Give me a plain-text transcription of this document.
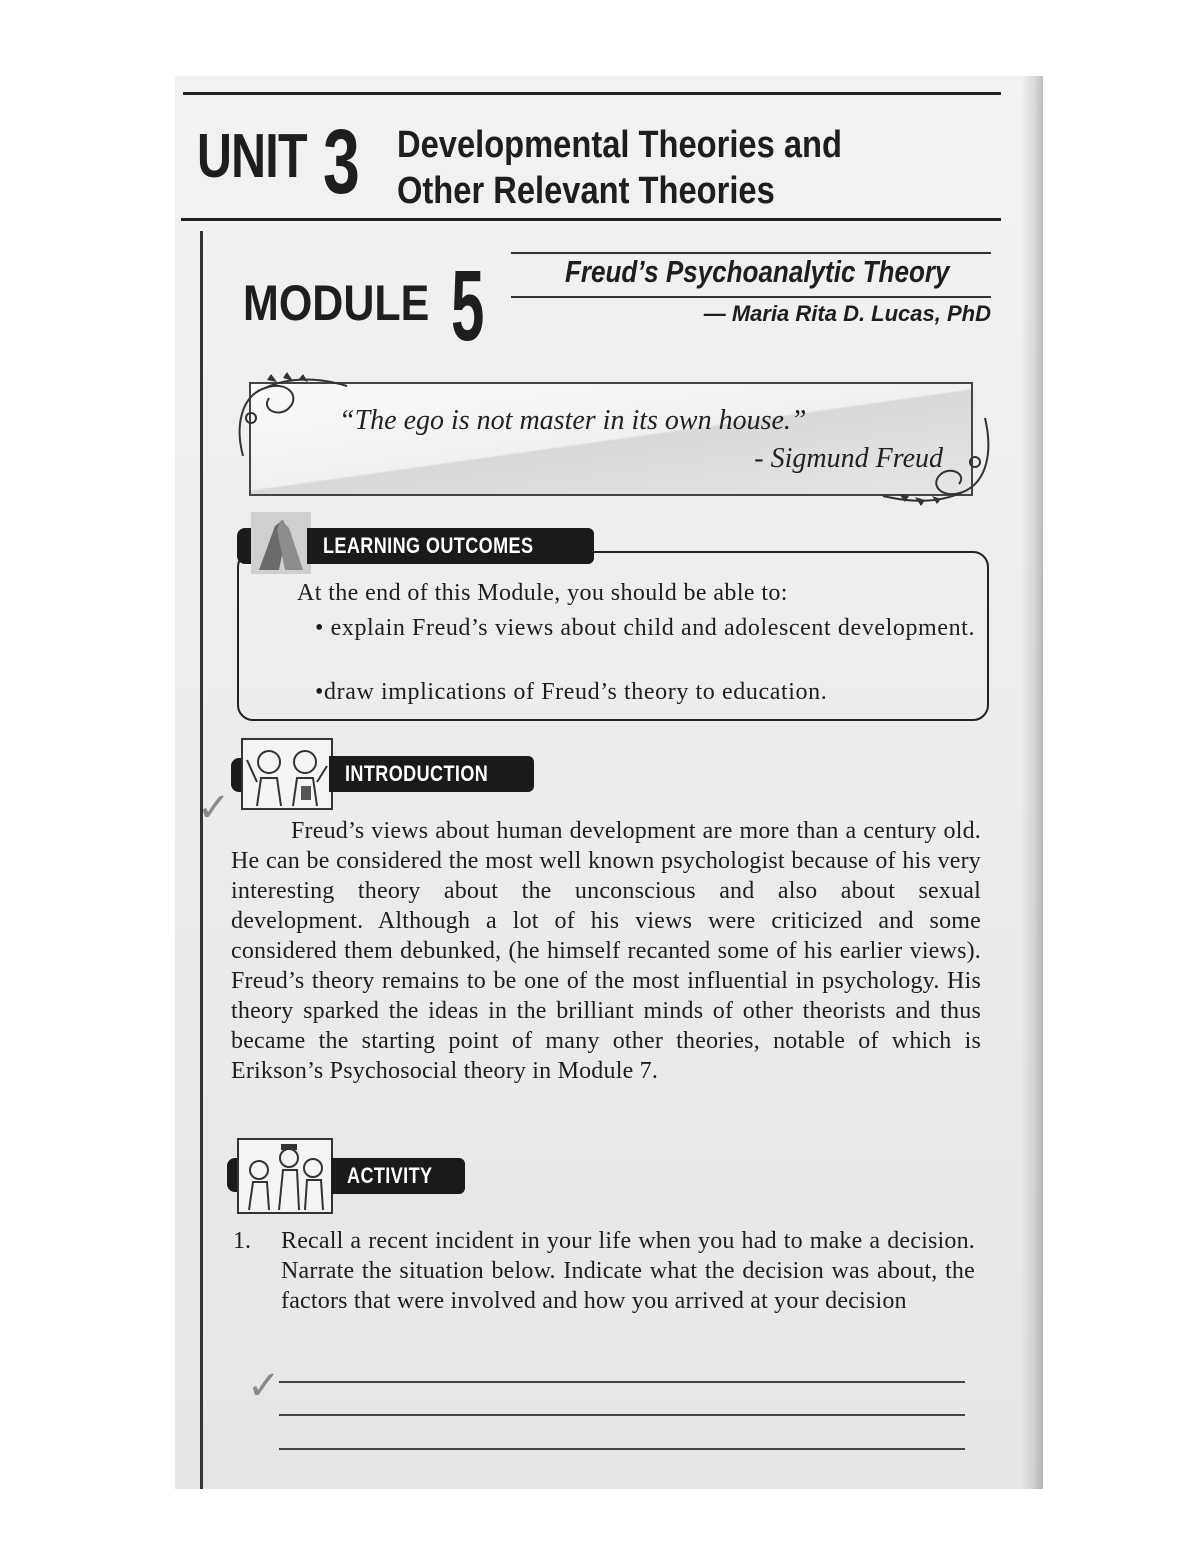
UNIT 3 Developmental Theories and
Other Relevant Theories
MODULE 5	Freud’s Psychoanalytic Theory
— Maria Rita D. Lucas, PhD
“The ego is not master in its own house.”
- Sigmund Freud
At the end of this Module, you should be able to:
• explain Freud’s views about child and adolescent development.
•draw implications of Freud’s theory to education.
LEARNING OUTCOMES
INTRODUCTION
✓	Freud’s views about human development are more than a century old. He can be considered the most well known psychologist because of his very interesting theory about the unconscious and also about sexual development. Although a lot of his views were criticized and some considered them debunked, (he himself recanted some of his earlier views). Freud’s theory remains to be one of the most influential in psychology. His theory sparked the ideas in the brilliant minds of other theorists and thus became the starting point of many other theories, notable of which is Erikson’s Psychosocial theory in Module 7.
ACTIVITY
1. Recall a recent incident in your life when you had to make a decision. Narrate the situation below. Indicate what the decision was about, the factors that were involved and how you arrived at your decision
✓
